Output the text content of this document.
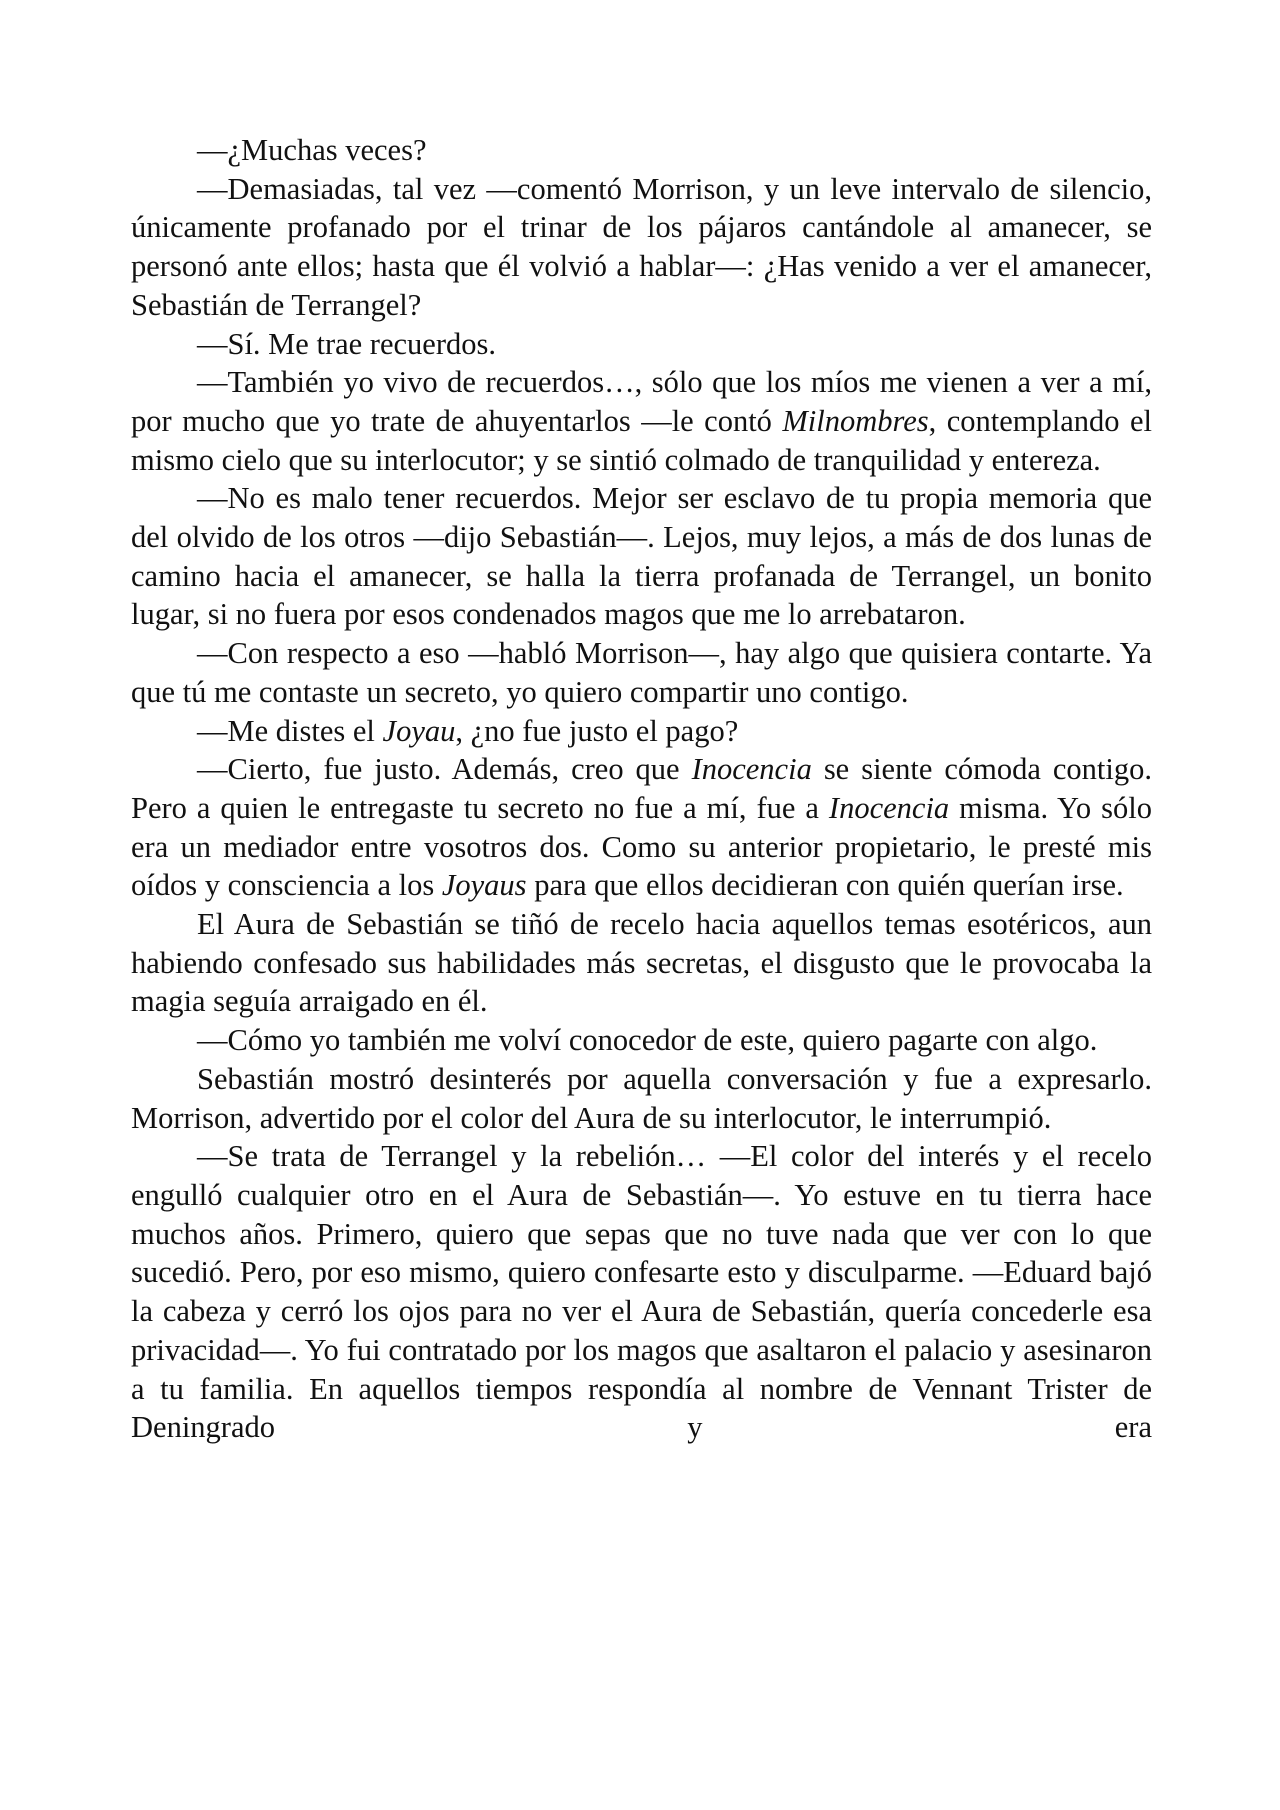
—¿Muchas veces?

—Demasiadas, tal vez —comentó Morrison, y un leve intervalo de silencio, únicamente profanado por el trinar de los pájaros cantándole al amanecer, se personó ante ellos; hasta que él volvió a hablar—: ¿Has venido a ver el amanecer, Sebastián de Terrangel?

—Sí. Me trae recuerdos.

—También yo vivo de recuerdos…, sólo que los míos me vienen a ver a mí, por mucho que yo trate de ahuyentarlos —le contó Milnombres, contemplando el mismo cielo que su interlocutor; y se sintió colmado de tranquilidad y entereza.

—No es malo tener recuerdos. Mejor ser esclavo de tu propia memoria que del olvido de los otros —dijo Sebastián—. Lejos, muy lejos, a más de dos lunas de camino hacia el amanecer, se halla la tierra profanada de Terrangel, un bonito lugar, si no fuera por esos condenados magos que me lo arrebataron.

—Con respecto a eso —habló Morrison—, hay algo que quisiera contarte. Ya que tú me contaste un secreto, yo quiero compartir uno contigo.

—Me distes el Joyau, ¿no fue justo el pago?

—Cierto, fue justo. Además, creo que Inocencia se siente cómoda contigo. Pero a quien le entregaste tu secreto no fue a mí, fue a Inocencia misma. Yo sólo era un mediador entre vosotros dos. Como su anterior propietario, le presté mis oídos y consciencia a los Joyaus para que ellos decidieran con quién querían irse.

El Aura de Sebastián se tiñó de recelo hacia aquellos temas esotéricos, aun habiendo confesado sus habilidades más secretas, el disgusto que le provocaba la magia seguía arraigado en él.

—Cómo yo también me volví conocedor de este, quiero pagarte con algo.

Sebastián mostró desinterés por aquella conversación y fue a expresarlo. Morrison, advertido por el color del Aura de su interlocutor, le interrumpió.

—Se trata de Terrangel y la rebelión… —El color del interés y el recelo engulló cualquier otro en el Aura de Sebastián—. Yo estuve en tu tierra hace muchos años. Primero, quiero que sepas que no tuve nada que ver con lo que sucedió. Pero, por eso mismo, quiero confesarte esto y disculparme. —Eduard bajó la cabeza y cerró los ojos para no ver el Aura de Sebastián, quería concederle esa privacidad—. Yo fui contratado por los magos que asaltaron el palacio y asesinaron a tu familia. En aquellos tiempos respondía al nombre de Vennant Trister de Deningrado y era
